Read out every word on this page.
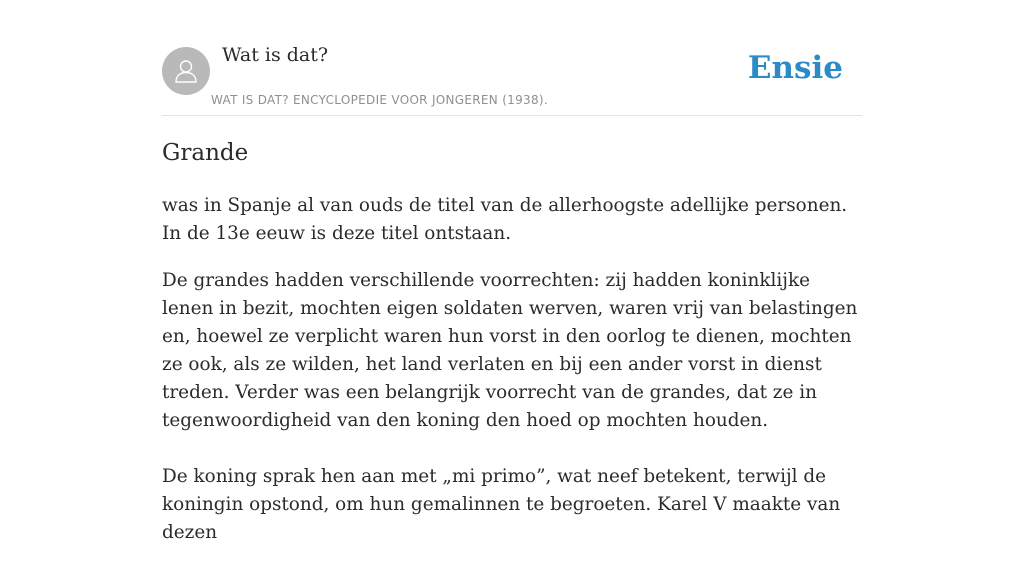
Wat is dat?
WAT IS DAT? ENCYCLOPEDIE VOOR JONGEREN (1938).
Ensie
Grande

was in Spanje al van ouds de titel van de allerhoogste adellijke personen. In de 13e eeuw is deze titel ontstaan.

De grandes hadden verschillende voorrechten: zij hadden koninklijke lenen in bezit, mochten eigen soldaten werven, waren vrij van belastingen en, hoewel ze verplicht waren hun vorst in den oorlog te dienen, mochten ze ook, als ze wilden, het land verlaten en bij een ander vorst in dienst treden. Verder was een belangrijk voorrecht van de grandes, dat ze in tegenwoordigheid van den koning den hoed op mochten houden.

De koning sprak hen aan met „mi primo”, wat neef betekent, terwijl de koningin opstond, om hun gemalinnen te begroeten. Karel V maakte van dezen
